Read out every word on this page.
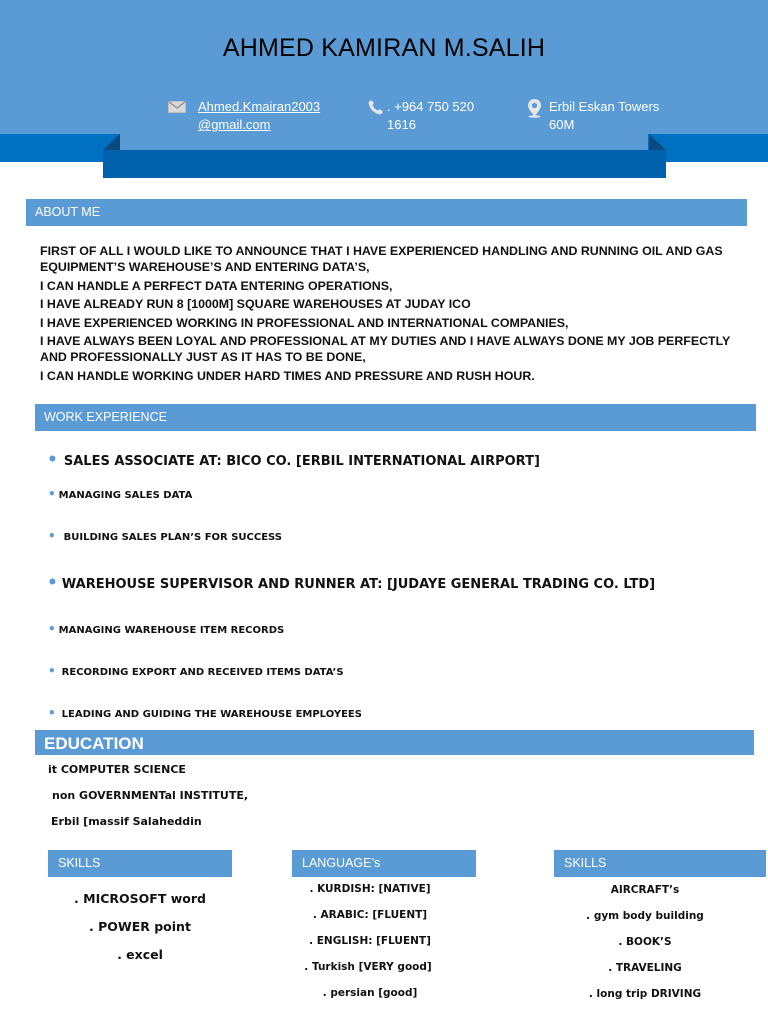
AHMED KAMIRAN M.SALIH
Ahmed.Kmairan2003
@gmail.com
. +964 750 520
1616
Erbil Eskan Towers
60M
ABOUT ME

FIRST OF ALL I WOULD LIKE TO ANNOUNCE THAT I HAVE EXPERIENCED HANDLING AND RUNNING OIL AND GAS EQUIPMENT’S WAREHOUSE’S AND ENTERING DATA’S,

I CAN HANDLE A PERFECT DATA ENTERING OPERATIONS,

I HAVE ALREADY RUN 8 [1000M] SQUARE WAREHOUSES AT JUDAY ICO

I HAVE EXPERIENCED WORKING IN PROFESSIONAL AND INTERNATIONAL COMPANIES,

I HAVE ALWAYS BEEN LOYAL AND PROFESSIONAL AT MY DUTIES AND I HAVE ALWAYS DONE MY JOB PERFECTLY AND PROFESSIONALLY JUST AS IT HAS TO BE DONE,

I CAN HANDLE WORKING UNDER HARD TIMES AND PRESSURE AND RUSH HOUR.

WORK EXPERIENCE
• SALES ASSOCIATE AT: BICO CO. [ERBIL INTERNATIONAL AIRPORT]
• MANAGING SALES DATA
• BUILDING SALES PLAN’S FOR SUCCESS
• WAREHOUSE SUPERVISOR AND RUNNER AT: [JUDAYE GENERAL TRADING CO. LTD]
• MANAGING WAREHOUSE ITEM RECORDS
• RECORDING EXPORT AND RECEIVED ITEMS DATA’S
• LEADING AND GUIDING THE WAREHOUSE EMPLOYEES
EDUCATION
it COMPUTER SCIENCE
non GOVERNMENTal INSTITUTE,
Erbil [massif Salaheddin
SKILLS
. MICROSOFT word
. POWER point
. excel
LANGUAGE’s
. KURDISH: [NATIVE]
. ARABIC: [FLUENT]
. ENGLISH: [FLUENT]
. Turkish [VERY good]
. persian [good]
SKILLS
AIRCRAFT’s
. gym body building
. BOOK’S
. TRAVELING
. long trip DRIVING
